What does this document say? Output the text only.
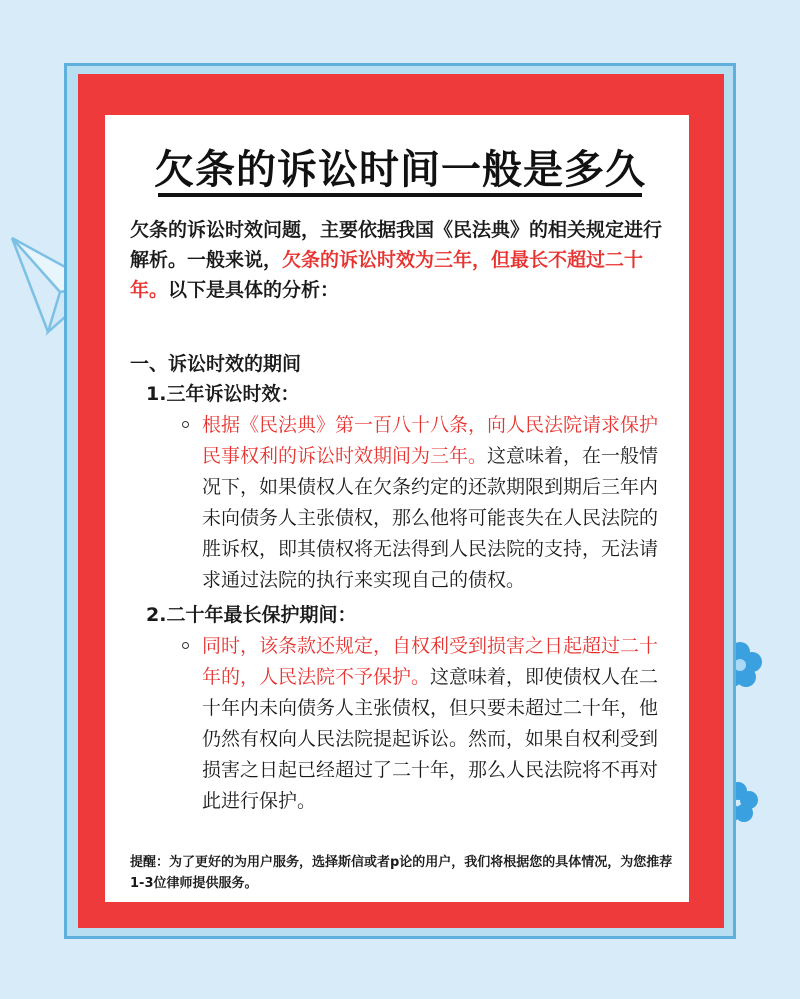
欠条的诉讼时间一般是多久

欠条的诉讼时效问题，主要依据我国《民法典》的相关规定进行解析。一般来说，欠条的诉讼时效为三年，但最长不超过二十年。以下是具体的分析：

一、诉讼时效的期间
1.三年诉讼时效：
根据《民法典》第一百八十八条，向人民法院请求保护民事权利的诉讼时效期间为三年。这意味着，在一般情况下，如果债权人在欠条约定的还款期限到期后三年内未向债务人主张债权，那么他将可能丧失在人民法院的胜诉权，即其债权将无法得到人民法院的支持，无法请求通过法院的执行来实现自己的债权。
2.二十年最长保护期间：
同时，该条款还规定，自权利受到损害之日起超过二十年的，人民法院不予保护。这意味着，即使债权人在二十年内未向债务人主张债权，但只要未超过二十年，他仍然有权向人民法院提起诉讼。然而，如果自权利受到损害之日起已经超过了二十年，那么人民法院将不再对此进行保护。

提醒：为了更好的为用户服务，选择斯信或者p论的用户，我们将根据您的具体情况，为您推荐1-3位律师提供服务。
